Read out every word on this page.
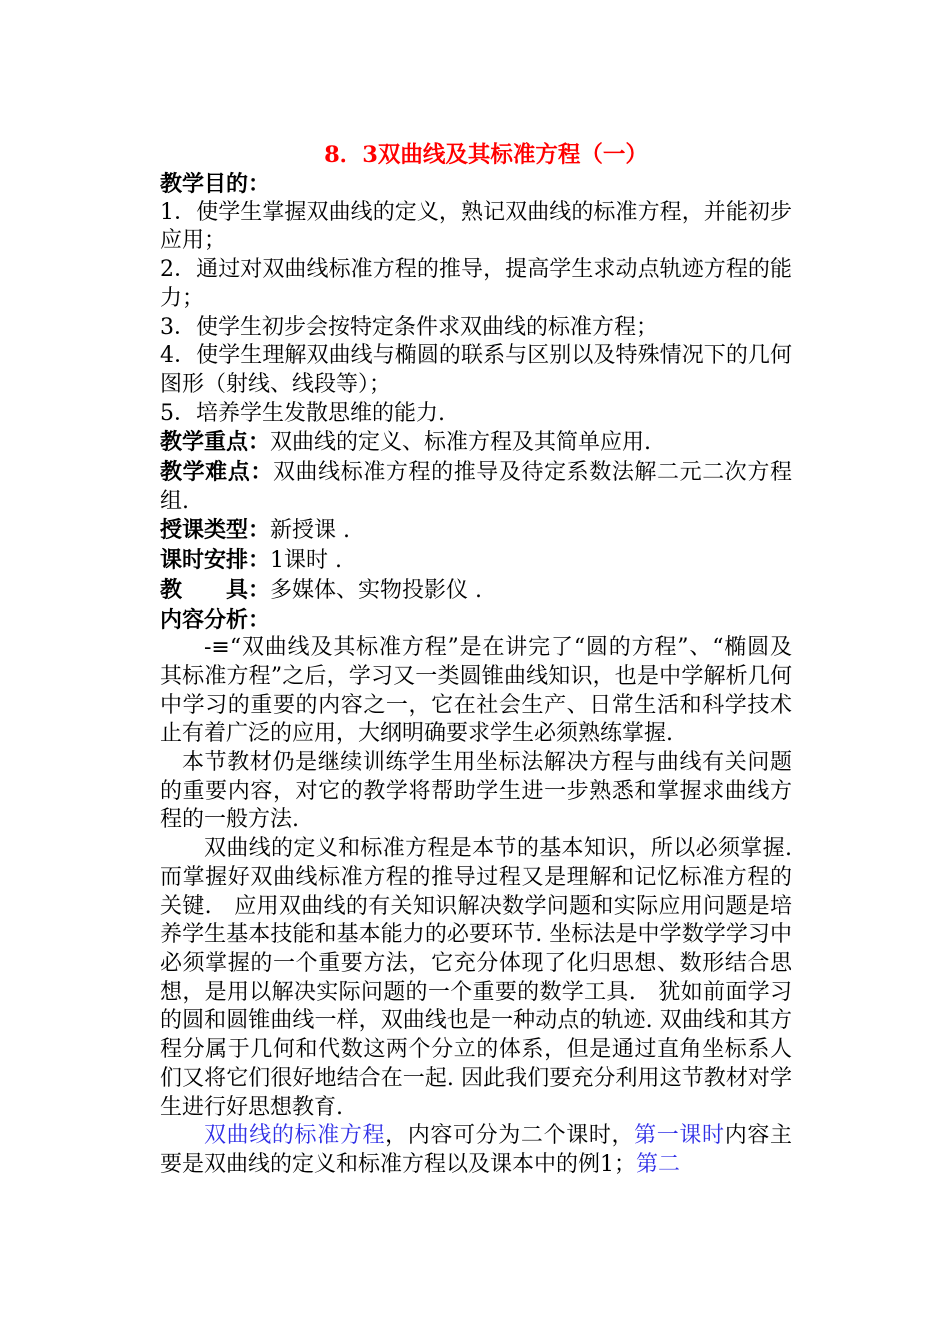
8．3双曲线及其标准方程（一）
教学目的：
1．使学生掌握双曲线的定义，熟记双曲线的标准方程，并能初步应用；
2．通过对双曲线标准方程的推导，提高学生求动点轨迹方程的能力；
3．使学生初步会按特定条件求双曲线的标准方程；
4．使学生理解双曲线与椭圆的联系与区别以及特殊情况下的几何图形（射线、线段等）；
5．培养学生发散思维的能力.
教学重点：双曲线的定义、标准方程及其简单应用.
教学难点：双曲线标准方程的推导及待定系数法解二元二次方程组.
授课类型：新授课 .
课时安排：1课时 .
教　　具：多媒体、实物投影仪 .
内容分析：
-≡“双曲线及其标准方程”是在讲完了“圆的方程”、“椭圆及其标准方程”之后，学习又一类圆锥曲线知识，也是中学解析几何中学习的重要的内容之一，它在社会生产、日常生活和科学技术止有着广泛的应用，大纲明确要求学生必须熟练掌握.
本节教材仍是继续训练学生用坐标法解决方程与曲线有关问题的重要内容，对它的教学将帮助学生进一步熟悉和掌握求曲线方程的一般方法.
双曲线的定义和标准方程是本节的基本知识，所以必须掌握. 而掌握好双曲线标准方程的推导过程又是理解和记忆标准方程的关键.　应用双曲线的有关知识解决数学问题和实际应用问题是培养学生基本技能和基本能力的必要环节. 坐标法是中学数学学习中必须掌握的一个重要方法，它充分体现了化归思想、数形结合思想，是用以解决实际问题的一个重要的数学工具.　犹如前面学习的圆和圆锥曲线一样，双曲线也是一种动点的轨迹. 双曲线和其方程分属于几何和代数这两个分立的体系，但是通过直角坐标系人们又将它们很好地结合在一起. 因此我们要充分利用这节教材对学生进行好思想教育.
双曲线的标准方程，内容可分为二个课时，第一课时内容主要是双曲线的定义和标准方程以及课本中的例1；第二
